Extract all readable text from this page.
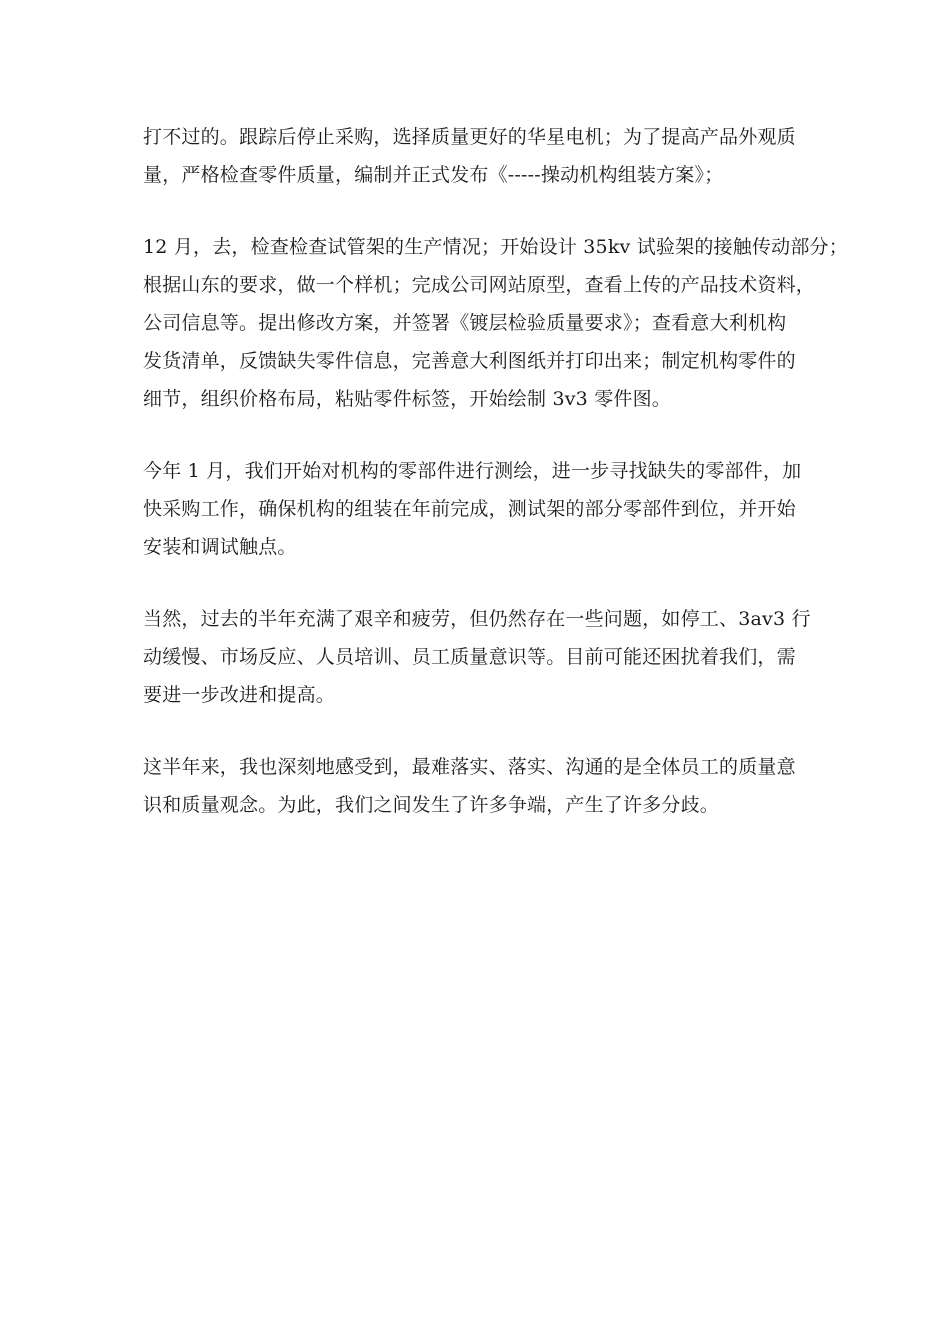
打不过的。跟踪后停止采购，选择质量更好的华星电机；为了提高产品外观质
量，严格检查零件质量，编制并正式发布《-----操动机构组装方案》；
12 月，去，检查检查试管架的生产情况；开始设计 35kv 试验架的接触传动部分；
根据山东的要求，做一个样机；完成公司网站原型，查看上传的产品技术资料，
公司信息等。提出修改方案，并签署《镀层检验质量要求》；查看意大利机构
发货清单，反馈缺失零件信息，完善意大利图纸并打印出来；制定机构零件的
细节，组织价格布局，粘贴零件标签，开始绘制 3v3 零件图。
今年 1 月，我们开始对机构的零部件进行测绘，进一步寻找缺失的零部件，加
快采购工作，确保机构的组装在年前完成，测试架的部分零部件到位，并开始
安装和调试触点。
当然，过去的半年充满了艰辛和疲劳，但仍然存在一些问题，如停工、3av3 行
动缓慢、市场反应、人员培训、员工质量意识等。目前可能还困扰着我们，需
要进一步改进和提高。
这半年来，我也深刻地感受到，最难落实、落实、沟通的是全体员工的质量意
识和质量观念。为此，我们之间发生了许多争端，产生了许多分歧。
